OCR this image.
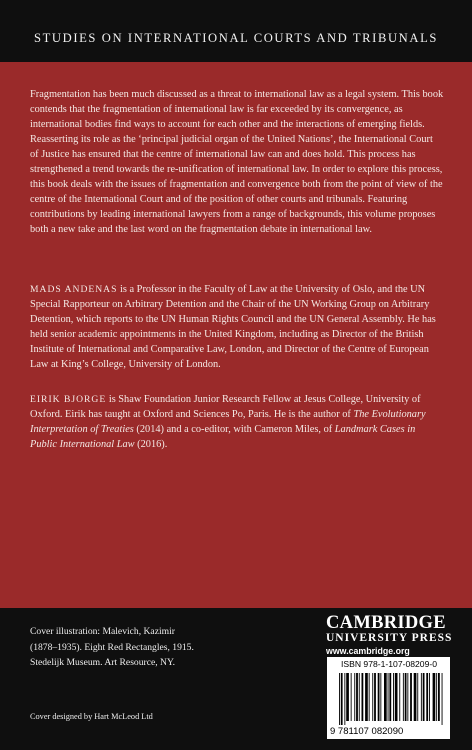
STUDIES ON INTERNATIONAL COURTS AND TRIBUNALS

Fragmentation has been much discussed as a threat to international law as a legal system. This book contends that the fragmentation of international law is far exceeded by its convergence, as international bodies find ways to account for each other and the interactions of emerging fields. Reasserting its role as the ‘principal judicial organ of the United Nations’, the International Court of Justice has ensured that the centre of international law can and does hold. This process has strengthened a trend towards the re-unification of international law. In order to explore this process, this book deals with the issues of fragmentation and convergence both from the point of view of the centre of the International Court and of the position of other courts and tribunals. Featuring contributions by leading international lawyers from a range of backgrounds, this volume proposes both a new take and the last word on the fragmentation debate in international law.

MADS ANDENAS is a Professor in the Faculty of Law at the University of Oslo, and the UN Special Rapporteur on Arbitrary Detention and the Chair of the UN Working Group on Arbitrary Detention, which reports to the UN Human Rights Council and the UN General Assembly. He has held senior academic appointments in the United Kingdom, including as Director of the British Institute of International and Comparative Law, London, and Director of the Centre of European Law at King’s College, University of London.

EIRIK BJORGE is Shaw Foundation Junior Research Fellow at Jesus College, University of Oxford. Eirik has taught at Oxford and Sciences Po, Paris. He is the author of The Evolutionary Interpretation of Treaties (2014) and a co-editor, with Cameron Miles, of Landmark Cases in Public International Law (2016).

Cover illustration: Malevich, Kazimir
(1878–1935). Eight Red Rectangles, 1915.
Stedelijk Museum. Art Resource, NY.
Cover designed by Hart McLeod Ltd
CAMBRIDGE
UNIVERSITY PRESS
www.cambridge.org
ISBN 978-1-107-08209-0
9 781107 082090
